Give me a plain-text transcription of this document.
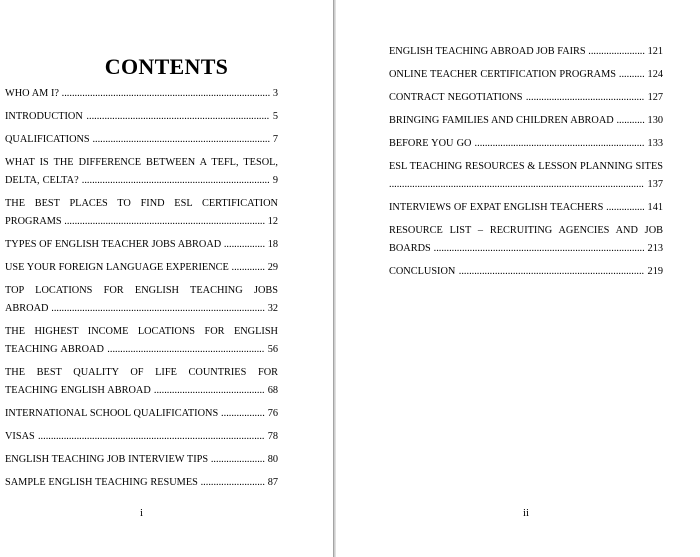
CONTENTS
WHO AM I? ................................................................................. 3
INTRODUCTION ....................................................................... 5
QUALIFICATIONS ..................................................................... 7
WHAT IS THE DIFFERENCE BETWEEN A TEFL, TESOL, DELTA, CELTA? ......................................................................... 9
THE BEST PLACES TO FIND ESL CERTIFICATION PROGRAMS .............................................................................. 12
TYPES OF ENGLISH TEACHER JOBS ABROAD ................ 18
USE YOUR FOREIGN LANGUAGE EXPERIENCE ............. 29
TOP LOCATIONS FOR ENGLISH TEACHING JOBS ABROAD ................................................................................... 32
THE HIGHEST INCOME LOCATIONS FOR ENGLISH TEACHING ABROAD ............................................................. 56
THE BEST QUALITY OF LIFE COUNTRIES FOR TEACHING ENGLISH ABROAD ........................................... 68
INTERNATIONAL SCHOOL QUALIFICATIONS ................. 76
VISAS ........................................................................................ 78
ENGLISH TEACHING JOB INTERVIEW TIPS ..................... 80
SAMPLE ENGLISH TEACHING RESUMES ......................... 87
i	ii
ENGLISH TEACHING ABROAD JOB FAIRS ...................... 121
ONLINE TEACHER CERTIFICATION PROGRAMS .......... 124
CONTRACT NEGOTIATIONS .............................................. 127
BRINGING FAMILIES AND CHILDREN ABROAD ........... 130
BEFORE YOU GO .................................................................. 133
ESL TEACHING RESOURCES & LESSON PLANNING SITES ................................................................................................... 137
INTERVIEWS OF EXPAT ENGLISH TEACHERS ............... 141
RESOURCE LIST – RECRUITING AGENCIES AND JOB BOARDS .................................................................................. 213
CONCLUSION ........................................................................ 219
